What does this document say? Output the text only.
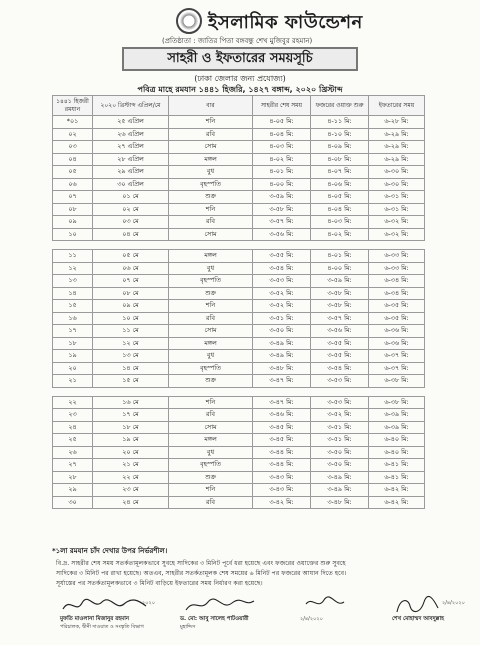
ইসলামিক ফাউন্ডেশন
(প্রতিষ্ঠাতা : জাতির পিতা বঙ্গবন্ধু শেখ মুজিবুর রহমান)
সাহরী ও ইফতারের সময়সূচি
(ঢাকা জেলার জন্য প্রযোজ্য)
পবিত্র মাহে রমযান ১৪৪১ হিজরি, ১৪২৭ বঙ্গাব্দ, ২০২০ খ্রিস্টাব্দ
১৪৪১ হিজরী রমযান	২০২০ খ্রিস্টাব্দ এপ্রিল/মে	বার	সাহরীর শেষ সময়	ফজরের ওয়াক্ত শুরু	ইফতারের সময়
*০১	২৫ এপ্রিল	শনি	৪-০৫ মি:	৪-১১ মি:	৬-২৮ মি:
০২	২৬ এপ্রিল	রবি	৪-০৪ মি:	৪-১০ মি:	৬-২৯ মি:
০৩	২৭ এপ্রিল	সোম	৪-০৩ মি:	৪-০৯ মি:	৬-২৯ মি:
০৪	২৮ এপ্রিল	মঙ্গল	৪-০২ মি:	৪-০৮ মি:	৬-২৯ মি:
০৫	২৯ এপ্রিল	বুধ	৪-০১ মি:	৪-০৭ মি:	৬-৩০ মি:
০৬	৩০ এপ্রিল	বৃহস্পতি	৪-০০ মি:	৪-০৬ মি:	৬-৩০ মি:
০৭	০১ মে	শুক্র	৩-৫৯ মি:	৪-০৫ মি:	৬-৩১ মি:
০৮	০২ মে	শনি	৩-৫৮ মি:	৪-০৪ মি:	৬-৩১ মি:
০৯	০৩ মে	রবি	৩-৫৭ মি:	৪-০৩ মি:	৬-৩২ মি:
১০	০৪ মে	সোম	৩-৫৬ মি:	৪-০২ মি:	৬-৩২ মি:

১১	০৫ মে	মঙ্গল	৩-৫৫ মি:	৪-০১ মি:	৬-৩৩ মি:
১২	০৬ মে	বুধ	৩-৫৪ মি:	৪-০০ মি:	৬-৩৩ মি:
১৩	০৭ মে	বৃহস্পতি	৩-৫৩ মি:	৩-৫৯ মি:	৬-৩৪ মি:
১৪	০৮ মে	শুক্র	৩-৫২ মি:	৩-৫৮ মি:	৬-৩৪ মি:
১৫	০৯ মে	শনি	৩-৫২ মি:	৩-৫৮ মি:	৬-৩৫ মি:
১৬	১০ মে	রবি	৩-৫১ মি:	৩-৫৭ মি:	৬-৩৫ মি:
১৭	১১ মে	সোম	৩-৫০ মি:	৩-৫৬ মি:	৬-৩৬ মি:
১৮	১২ মে	মঙ্গল	৩-৪৯ মি:	৩-৫৫ মি:	৬-৩৬ মি:
১৯	১৩ মে	বুধ	৩-৪৯ মি:	৩-৫৫ মি:	৬-৩৭ মি:
২০	১৪ মে	বৃহস্পতি	৩-৪৮ মি:	৩-৫৪ মি:	৬-৩৭ মি:
২১	১৫ মে	শুক্র	৩-৪৭ মি:	৩-৫৩ মি:	৬-৩৮ মি:

২২	১৬ মে	শনি	৩-৪৭ মি:	৩-৫৩ মি:	৬-৩৮ মি:
২৩	১৭ মে	রবি	৩-৪৬ মি:	৩-৫২ মি:	৬-৩৯ মি:
২৪	১৮ মে	সোম	৩-৪৫ মি:	৩-৫১ মি:	৬-৩৯ মি:
২৫	১৯ মে	মঙ্গল	৩-৪৫ মি:	৩-৫১ মি:	৬-৪০ মি:
২৬	২০ মে	বুধ	৩-৪৪ মি:	৩-৫০ মি:	৬-৪০ মি:
২৭	২১ মে	বৃহস্পতি	৩-৪৪ মি:	৩-৫০ মি:	৬-৪১ মি:
২৮	২২ মে	শুক্র	৩-৪৩ মি:	৩-৪৯ মি:	৬-৪১ মি:
২৯	২৩ মে	শনি	৩-৪৩ মি:	৩-৪৯ মি:	৬-৪২ মি:
৩০	২৪ মে	রবি	৩-৪২ মি:	৩-৪৮ মি:	৬-৪২ মি:
*১লা রমযান চাঁদ দেখার উপর নির্ভরশীল।
বি.দ্র. সাহরীর শেষ সময় সতর্কতামূলকভাবে সুবহে সাদিকের ৩ মিনিট পূর্বে ধরা হয়েছে এবং ফজরের ওয়াক্তের শুরু সুবহে
সাদিকের ৩ মিনিট পর রাখা হয়েছে। অতএব, সাহরীর সতর্কতামূলক শেষ সময়ের ৬ মিনিট পর ফজরের আযান দিতে হবে।
সূর্যাস্তের পর সতর্কতামূলকভাবে ৩ মিনিট বাড়িয়ে ইফতারের সময় নির্ধারণ করা হয়েছে।
২০২০
মুফতি মাওলানা মিজানুর রহমান
পরিচালক, দ্বীনী দাওয়াত ও সংস্কৃতি বিভাগ
ড. মো: আবু সালেহ পাটওয়ারী
মুহাদ্দিস
২/৪/২০২০
২/৪/২০২০
শেখ মোহাম্মদ আবদুল্লাহ
